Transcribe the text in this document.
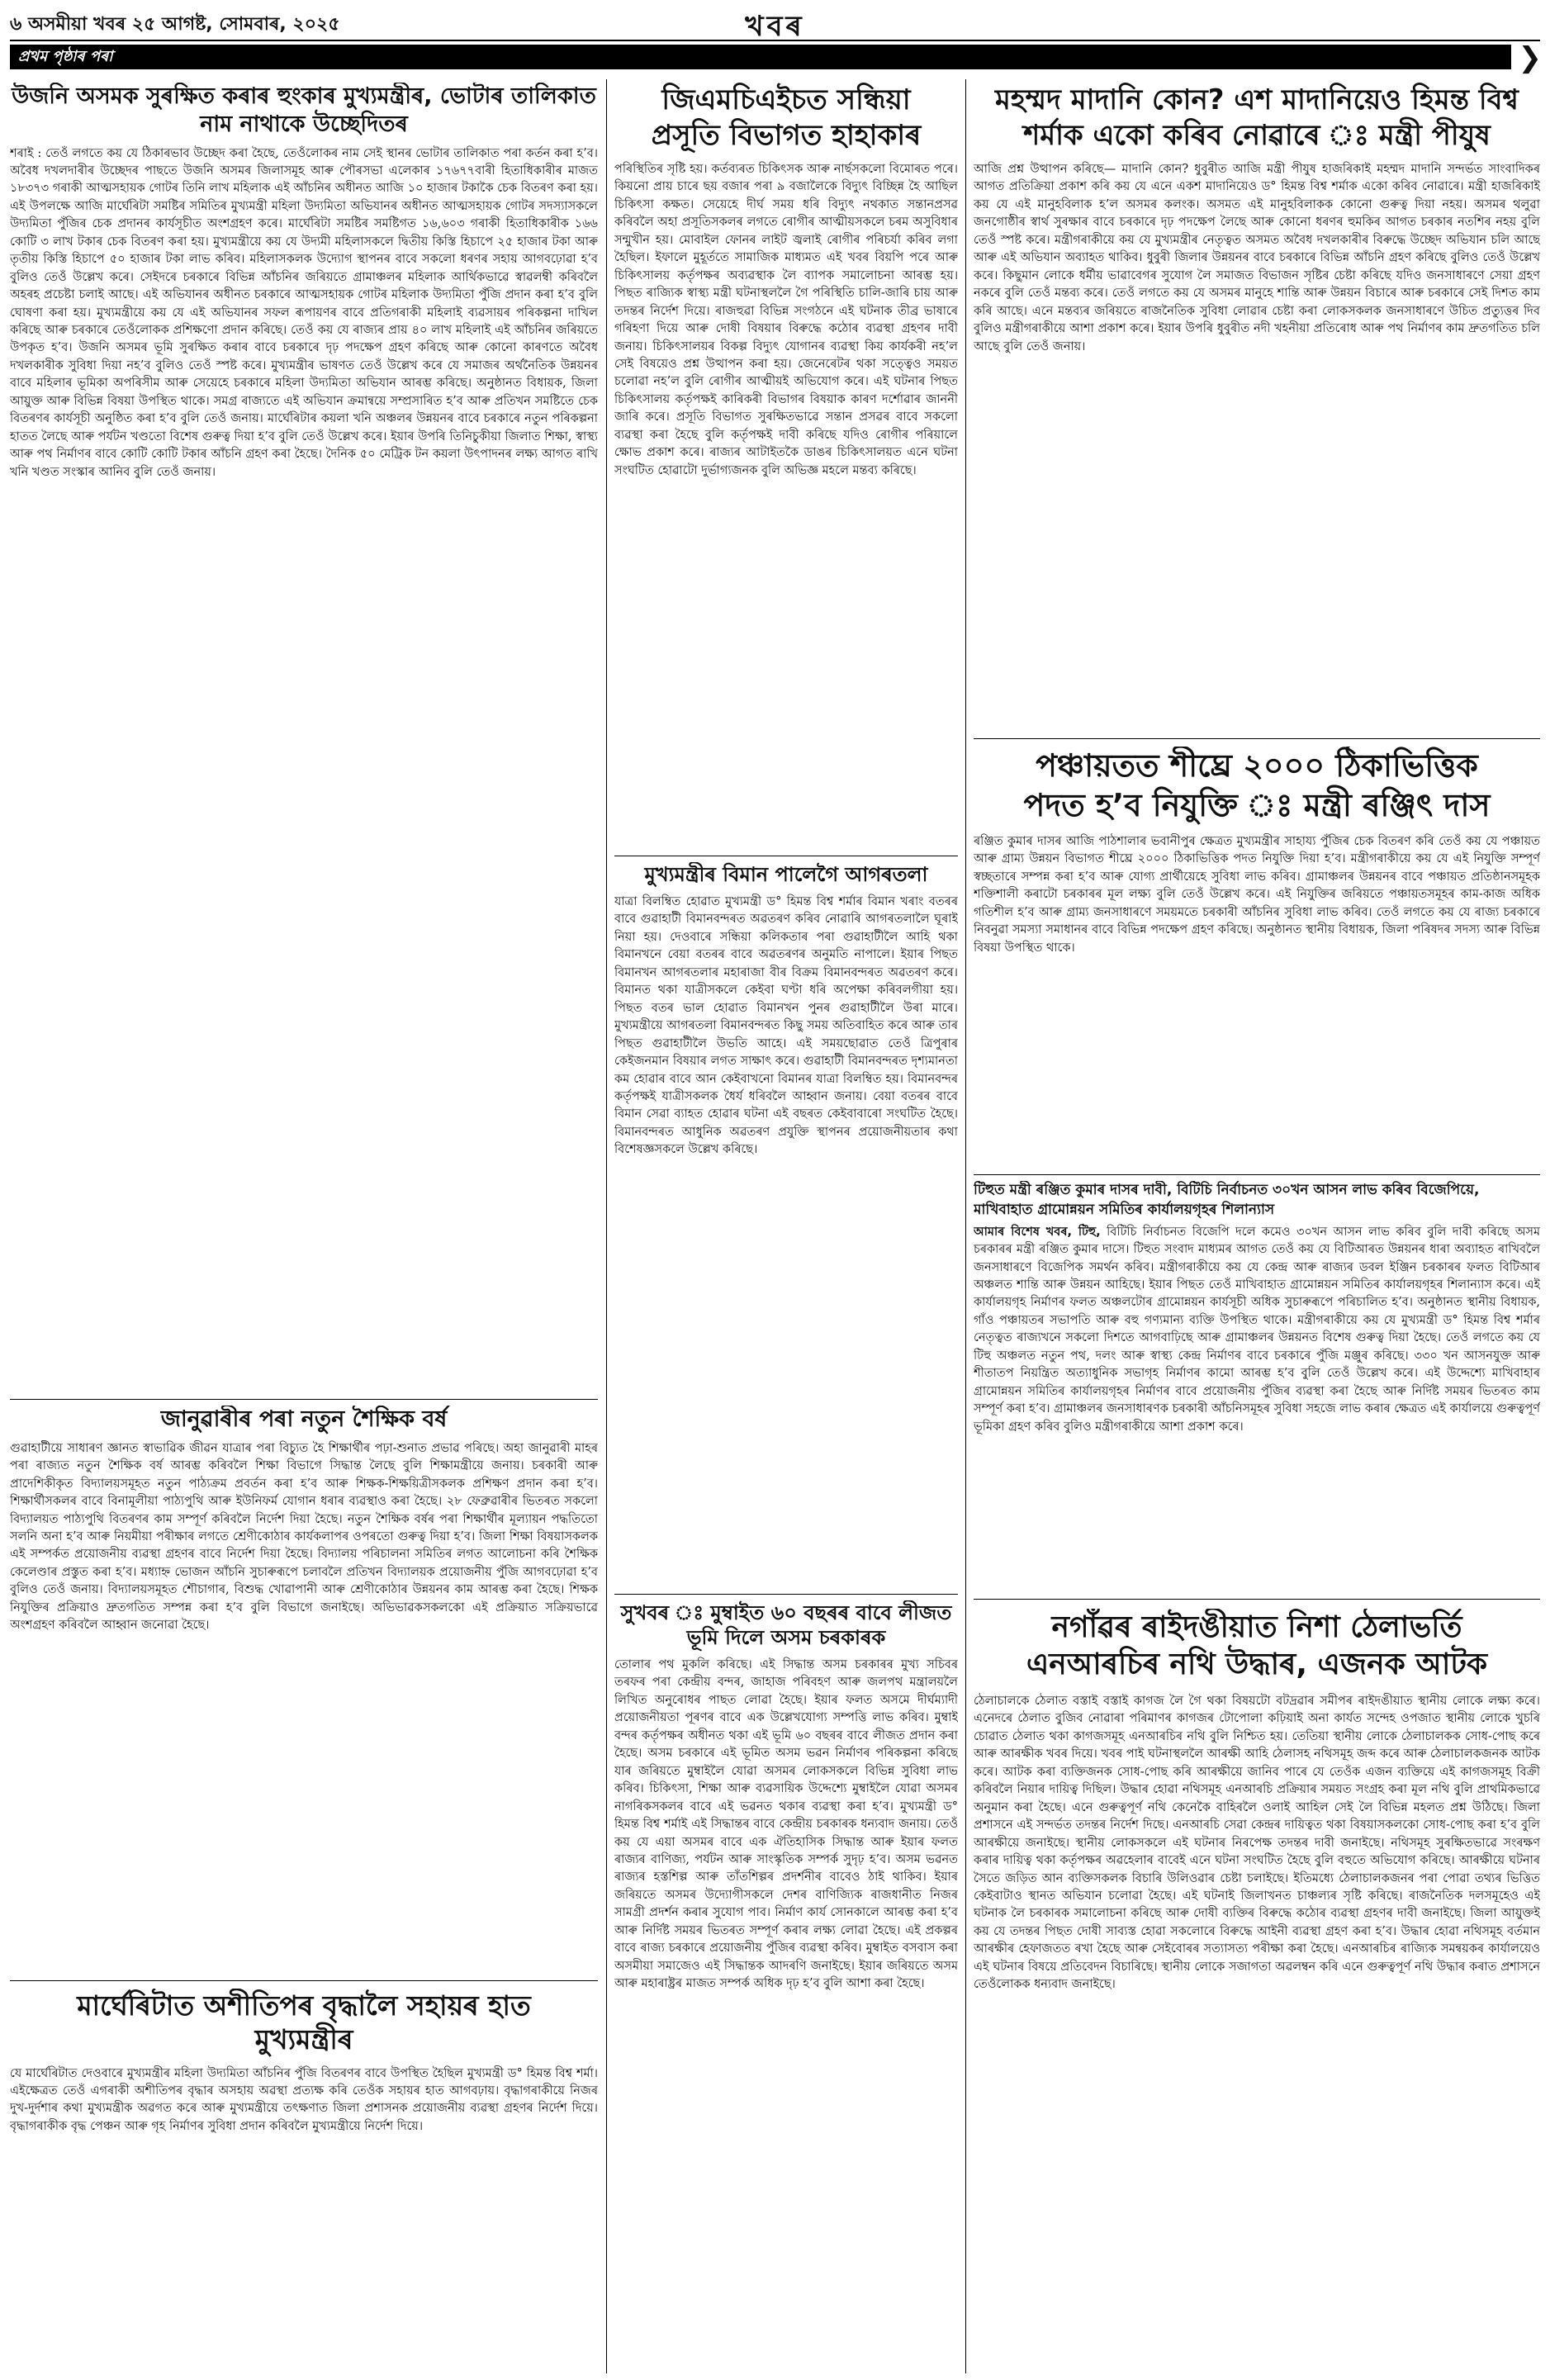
৬ অসমীয়া খবৰ ২৫ আগষ্ট, সোমবাৰ, ২০২৫	খবৰ
প্ৰথম পৃষ্ঠাৰ পৰা	❯
উজনি অসমক সুৰক্ষিত কৰাৰ হুংকাৰ মুখ্যমন্ত্ৰীৰ, ভোটাৰ তালিকাত নাম নাথাকে উচ্ছেদিতৰ

শৰাই : তেওঁ লগতে কয় যে ঠিকাৰভাব উচ্ছেদ কৰা হৈছে, তেওঁলোকৰ নাম সেই স্থানৰ ভোটাৰ তালিকাত পৰা কৰ্তন কৰা হ’ব। অবৈধ দখলদাৰীৰ উচ্ছেদৰ পাছতে উজনি অসমৰ জিলাসমূহ আৰু পৌৰসভা এলেকাৰ ১৭৬৭৭বাৰী হিতাধিকাৰীৰ মাজত ১৮৩৭৩ গৰাকী আত্মসহায়ক গোটৰ তিনি লাখ মহিলাক এই আঁচনিৰ অধীনত আজি ১০ হাজাৰ টকাকৈ চেক বিতৰণ কৰা হয়। এই উপলক্ষে আজি মাৰ্ঘেৰিটা সমষ্টিৰ সমিতিৰ মুখ্যমন্ত্ৰী মহিলা উদ্যমিতা অভিযানৰ অধীনত আত্মসহায়ক গোটৰ সদস্যাসকলে উদ্যমিতা পুঁজিৰ চেক প্ৰদানৰ কাৰ্যসূচীত অংশগ্ৰহণ কৰে। মাৰ্ঘেৰিটা সমষ্টিৰ সমষ্টিগত ১৬,৬০৩ গৰাকী হিতাধিকাৰীক ১৬৬ কোটি ৩ লাখ টকাৰ চেক বিতৰণ কৰা হয়। মুখ্যমন্ত্ৰীয়ে কয় যে উদ্যমী মহিলাসকলে দ্বিতীয় কিস্তি হিচাপে ২৫ হাজাৰ টকা আৰু তৃতীয় কিস্তি হিচাপে ৫০ হাজাৰ টকা লাভ কৰিব। মহিলাসকলক উদ্যোগ স্থাপনৰ বাবে সকলো ধৰণৰ সহায় আগবঢ়োৱা হ’ব বুলিও তেওঁ উল্লেখ কৰে। সেইদৰে চৰকাৰে বিভিন্ন আঁচনিৰ জৰিয়তে গ্ৰামাঞ্চলৰ মহিলাক আৰ্থিকভাৱে স্বাৱলম্বী কৰিবলৈ অহৰহ প্ৰচেষ্টা চলাই আছে। এই অভিযানৰ অধীনত চৰকাৰে আত্মসহায়ক গোটৰ মহিলাক উদ্যমিতা পুঁজি প্ৰদান কৰা হ’ব বুলি ঘোষণা কৰা হয়। মুখ্যমন্ত্ৰীয়ে কয় যে এই অভিযানৰ সফল ৰূপায়ণৰ বাবে প্ৰতিগৰাকী মহিলাই ব্যৱসায়ৰ পৰিকল্পনা দাখিল কৰিছে আৰু চৰকাৰে তেওঁলোকক প্ৰশিক্ষণো প্ৰদান কৰিছে। তেওঁ কয় যে ৰাজ্যৰ প্ৰায় ৪০ লাখ মহিলাই এই আঁচনিৰ জৰিয়তে উপকৃত হ’ব। উজনি অসমৰ ভূমি সুৰক্ষিত কৰাৰ বাবে চৰকাৰে দৃঢ় পদক্ষেপ গ্ৰহণ কৰিছে আৰু কোনো কাৰণতে অবৈধ দখলকাৰীক সুবিধা দিয়া নহ’ব বুলিও তেওঁ স্পষ্ট কৰে। মুখ্যমন্ত্ৰীৰ ভাষণত তেওঁ উল্লেখ কৰে যে সমাজৰ অৰ্থনৈতিক উন্নয়নৰ বাবে মহিলাৰ ভূমিকা অপৰিসীম আৰু সেয়েহে চৰকাৰে মহিলা উদ্যমিতা অভিযান আৰম্ভ কৰিছে। অনুষ্ঠানত বিধায়ক, জিলা আয়ুক্ত আৰু বিভিন্ন বিষয়া উপস্থিত থাকে। সমগ্ৰ ৰাজ্যতে এই অভিযান ক্ৰমান্বয়ে সম্প্ৰসাৰিত হ’ব আৰু প্ৰতিখন সমষ্টিতে চেক বিতৰণৰ কাৰ্যসূচী অনুষ্ঠিত কৰা হ’ব বুলি তেওঁ জনায়। মাৰ্ঘেৰিটাৰ কয়লা খনি অঞ্চলৰ উন্নয়নৰ বাবে চৰকাৰে নতুন পৰিকল্পনা হাতত লৈছে আৰু পৰ্যটন খণ্ডতো বিশেষ গুৰুত্ব দিয়া হ’ব বুলি তেওঁ উল্লেখ কৰে। ইয়াৰ উপৰি তিনিচুকীয়া জিলাত শিক্ষা, স্বাস্থ্য আৰু পথ নিৰ্মাণৰ বাবে কোটি কোটি টকাৰ আঁচনি গ্ৰহণ কৰা হৈছে। দৈনিক ৫০ মেট্ৰিক টন কয়লা উৎপাদনৰ লক্ষ্য আগত ৰাখি খনি খণ্ডত সংস্কাৰ আনিব বুলি তেওঁ জনায়।

জানুৱাৰীৰ পৰা নতুন শৈক্ষিক বৰ্ষ

গুৱাহাটীয়ে সাধাৰণ জ্ঞানত স্বাভাৱিক জীৱন যাত্ৰাৰ পৰা বিচ্যুত হৈ শিক্ষাৰ্থীৰ পঢ়া-শুনাত প্ৰভাৱ পৰিছে। অহা জানুৱাৰী মাহৰ পৰা ৰাজ্যত নতুন শৈক্ষিক বৰ্ষ আৰম্ভ কৰিবলৈ শিক্ষা বিভাগে সিদ্ধান্ত লৈছে বুলি শিক্ষামন্ত্ৰীয়ে জনায়। চৰকাৰী আৰু প্ৰাদেশিকীকৃত বিদ্যালয়সমূহত নতুন পাঠ্যক্ৰম প্ৰবৰ্তন কৰা হ’ব আৰু শিক্ষক-শিক্ষয়িত্ৰীসকলক প্ৰশিক্ষণ প্ৰদান কৰা হ’ব। শিক্ষাৰ্থীসকলৰ বাবে বিনামূলীয়া পাঠ্যপুথি আৰু ইউনিফৰ্ম যোগান ধৰাৰ ব্যৱস্থাও কৰা হৈছে। ২৮ ফেব্ৰুৱাৰীৰ ভিতৰত সকলো বিদ্যালয়ত পাঠ্যপুথি বিতৰণৰ কাম সম্পূৰ্ণ কৰিবলৈ নিৰ্দেশ দিয়া হৈছে। নতুন শৈক্ষিক বৰ্ষৰ পৰা শিক্ষাৰ্থীৰ মূল্যায়ন পদ্ধতিতো সলনি অনা হ’ব আৰু নিয়মীয়া পৰীক্ষাৰ লগতে শ্ৰেণীকোঠাৰ কাৰ্যকলাপৰ ওপৰতো গুৰুত্ব দিয়া হ’ব। জিলা শিক্ষা বিষয়াসকলক এই সম্পৰ্কত প্ৰয়োজনীয় ব্যৱস্থা গ্ৰহণৰ বাবে নিৰ্দেশ দিয়া হৈছে। বিদ্যালয় পৰিচালনা সমিতিৰ লগত আলোচনা কৰি শৈক্ষিক কেলেণ্ডাৰ প্ৰস্তুত কৰা হ’ব। মধ্যাহ্ন ভোজন আঁচনি সুচাৰুৰূপে চলাবলৈ প্ৰতিখন বিদ্যালয়ক প্ৰয়োজনীয় পুঁজি আগবঢ়োৱা হ’ব বুলিও তেওঁ জনায়। বিদ্যালয়সমূহত শৌচাগাৰ, বিশুদ্ধ খোৱাপানী আৰু শ্ৰেণীকোঠাৰ উন্নয়নৰ কাম আৰম্ভ কৰা হৈছে। শিক্ষক নিযুক্তিৰ প্ৰক্ৰিয়াও দ্ৰুতগতিত সম্পন্ন কৰা হ’ব বুলি বিভাগে জনাইছে। অভিভাৱকসকলকো এই প্ৰক্ৰিয়াত সক্ৰিয়ভাৱে অংশগ্ৰহণ কৰিবলৈ আহ্বান জনোৱা হৈছে।

মাৰ্ঘেৰিটাত অশীতিপৰ বৃদ্ধালৈ সহায়ৰ হাত মুখ্যমন্ত্ৰীৰ

যে মাৰ্ঘেৰিটাত দেওবাৰে মুখ্যমন্ত্ৰীৰ মহিলা উদ্যমিতা আঁচনিৰ পুঁজি বিতৰণৰ বাবে উপস্থিত হৈছিল মুখ্যমন্ত্ৰী ড° হিমন্ত বিশ্ব শৰ্মা। এইক্ষেত্ৰত তেওঁ এগৰাকী অশীতিপৰ বৃদ্ধাৰ অসহায় অৱস্থা প্ৰত্যক্ষ কৰি তেওঁক সহায়ৰ হাত আগবঢ়ায়। বৃদ্ধাগৰাকীয়ে নিজৰ দুখ-দুৰ্দশাৰ কথা মুখ্যমন্ত্ৰীক অৱগত কৰে আৰু মুখ্যমন্ত্ৰীয়ে তৎক্ষণাত জিলা প্ৰশাসনক প্ৰয়োজনীয় ব্যৱস্থা গ্ৰহণৰ নিৰ্দেশ দিয়ে। বৃদ্ধাগৰাকীক বৃদ্ধ পেঞ্চন আৰু গৃহ নিৰ্মাণৰ সুবিধা প্ৰদান কৰিবলৈ মুখ্যমন্ত্ৰীয়ে নিৰ্দেশ দিয়ে।

জিএমচিএইচত সন্ধিয়া প্ৰসূতি বিভাগত হাহাকাৰ

পৰিস্থিতিৰ সৃষ্টি হয়। কৰ্তব্যৰত চিকিৎসক আৰু নাৰ্ছসকলো বিমোৰত পৰে। কিয়নো প্ৰায় চাৰে ছয় বজাৰ পৰা ৯ বজালৈকে বিদ্যুৎ বিচ্ছিন্ন হৈ আছিল চিকিৎসা কক্ষত। সেয়েহে দীৰ্ঘ সময় ধৰি বিদ্যুৎ নথকাত সন্তানপ্ৰসৱ কৰিবলৈ অহা প্ৰসূতিসকলৰ লগতে ৰোগীৰ আত্মীয়সকলে চৰম অসুবিধাৰ সন্মুখীন হয়। মোবাইল ফোনৰ লাইট জ্বলাই ৰোগীৰ পৰিচৰ্যা কৰিব লগা হৈছিল। ইফালে মুহূৰ্ততে সামাজিক মাধ্যমত এই খবৰ বিয়পি পৰে আৰু চিকিৎসালয় কৰ্তৃপক্ষৰ অব্যৱস্থাক লৈ ব্যাপক সমালোচনা আৰম্ভ হয়। পিছত ৰাজ্যিক স্বাস্থ্য মন্ত্ৰী ঘটনাস্থললৈ গৈ পৰিস্থিতি চালি-জাৰি চায় আৰু তদন্তৰ নিৰ্দেশ দিয়ে। ৰাজহুৱা বিভিন্ন সংগঠনে এই ঘটনাক তীব্ৰ ভাষাৰে গৰিহণা দিয়ে আৰু দোষী বিষয়াৰ বিৰুদ্ধে কঠোৰ ব্যৱস্থা গ্ৰহণৰ দাবী জনায়। চিকিৎসালয়ৰ বিকল্প বিদ্যুৎ যোগানৰ ব্যৱস্থা কিয় কাৰ্যকৰী নহ’ল সেই বিষয়েও প্ৰশ্ন উত্থাপন কৰা হয়। জেনেৰেটৰ থকা সত্ত্বেও সময়ত চলোৱা নহ’ল বুলি ৰোগীৰ আত্মীয়ই অভিযোগ কৰে। এই ঘটনাৰ পিছত চিকিৎসালয় কৰ্তৃপক্ষই কাৰিকৰী বিভাগৰ বিষয়াক কাৰণ দৰ্শোৱাৰ জাননী জাৰি কৰে। প্ৰসূতি বিভাগত সুৰক্ষিতভাৱে সন্তান প্ৰসৱৰ বাবে সকলো ব্যৱস্থা কৰা হৈছে বুলি কৰ্তৃপক্ষই দাবী কৰিছে যদিও ৰোগীৰ পৰিয়ালে ক্ষোভ প্ৰকাশ কৰে। ৰাজ্যৰ আটাইতকৈ ডাঙৰ চিকিৎসালয়ত এনে ঘটনা সংঘটিত হোৱাটো দুৰ্ভাগ্যজনক বুলি অভিজ্ঞ মহলে মন্তব্য কৰিছে।

মুখ্যমন্ত্ৰীৰ বিমান পালেগৈ আগৰতলা

যাত্ৰা বিলম্বিত হোৱাত মুখ্যমন্ত্ৰী ড° হিমন্ত বিশ্ব শৰ্মাৰ বিমান খৰাং বতৰৰ বাবে গুৱাহাটী বিমানবন্দৰত অৱতৰণ কৰিব নোৱাৰি আগৰতলালৈ ঘূৰাই নিয়া হয়। দেওবাৰে সন্ধিয়া কলিকতাৰ পৰা গুৱাহাটীলৈ আহি থকা বিমানখনে বেয়া বতৰৰ বাবে অৱতৰণৰ অনুমতি নাপালে। ইয়াৰ পিছত বিমানখন আগৰতলাৰ মহাৰাজা বীৰ বিক্ৰম বিমানবন্দৰত অৱতৰণ কৰে। বিমানত থকা যাত্ৰীসকলে কেইবা ঘণ্টা ধৰি অপেক্ষা কৰিবলগীয়া হয়। পিছত বতৰ ভাল হোৱাত বিমানখন পুনৰ গুৱাহাটীলৈ উৰা মাৰে। মুখ্যমন্ত্ৰীয়ে আগৰতলা বিমানবন্দৰত কিছু সময় অতিবাহিত কৰে আৰু তাৰ পিছত গুৱাহাটীলৈ উভতি আহে। এই সময়ছোৱাত তেওঁ ত্ৰিপুৰাৰ কেইজনমান বিষয়াৰ লগত সাক্ষাৎ কৰে। গুৱাহাটী বিমানবন্দৰত দৃশ্যমানতা কম হোৱাৰ বাবে আন কেইবাখনো বিমানৰ যাত্ৰা বিলম্বিত হয়। বিমানবন্দৰ কৰ্তৃপক্ষই যাত্ৰীসকলক ধৈৰ্য ধৰিবলৈ আহ্বান জনায়। বেয়া বতৰৰ বাবে বিমান সেৱা ব্যাহত হোৱাৰ ঘটনা এই বছৰত কেইবাবাৰো সংঘটিত হৈছে। বিমানবন্দৰত আধুনিক অৱতৰণ প্ৰযুক্তি স্থাপনৰ প্ৰয়োজনীয়তাৰ কথা বিশেষজ্ঞসকলে উল্লেখ কৰিছে।

সুখবৰ ঃ মুম্বাইত ৬০ বছৰৰ বাবে লীজত ভূমি দিলে অসম চৰকাৰক

তোলাৰ পথ মুকলি কৰিছে। এই সিদ্ধান্ত অসম চৰকাৰৰ মুখ্য সচিবৰ তৰফৰ পৰা কেন্দ্ৰীয় বন্দৰ, জাহাজ পৰিবহণ আৰু জলপথ মন্ত্ৰালয়লৈ লিখিত অনুৰোধৰ পাছত লোৱা হৈছে। ইয়াৰ ফলত অসমে দীৰ্ঘম্যাদী প্ৰয়োজনীয়তা পূৰণৰ বাবে এক উল্লেখযোগ্য সম্পত্তি লাভ কৰিব। মুম্বাই বন্দৰ কৰ্তৃপক্ষৰ অধীনত থকা এই ভূমি ৬০ বছৰৰ বাবে লীজত প্ৰদান কৰা হৈছে। অসম চৰকাৰে এই ভূমিত অসম ভৱন নিৰ্মাণৰ পৰিকল্পনা কৰিছে যাৰ জৰিয়তে মুম্বাইলৈ যোৱা অসমৰ লোকসকলে বিভিন্ন সুবিধা লাভ কৰিব। চিকিৎসা, শিক্ষা আৰু ব্যৱসায়িক উদ্দেশ্যে মুম্বাইলৈ যোৱা অসমৰ নাগৰিকসকলৰ বাবে এই ভৱনত থকাৰ ব্যৱস্থা কৰা হ’ব। মুখ্যমন্ত্ৰী ড° হিমন্ত বিশ্ব শৰ্মাই এই সিদ্ধান্তৰ বাবে কেন্দ্ৰীয় চৰকাৰক ধন্যবাদ জনায়। তেওঁ কয় যে এয়া অসমৰ বাবে এক ঐতিহাসিক সিদ্ধান্ত আৰু ইয়াৰ ফলত ৰাজ্যৰ বাণিজ্য, পৰ্যটন আৰু সাংস্কৃতিক সম্পৰ্ক সুদৃঢ় হ’ব। অসম ভৱনত ৰাজ্যৰ হস্তশিল্প আৰু তাঁতশিল্পৰ প্ৰদৰ্শনীৰ বাবেও ঠাই থাকিব। ইয়াৰ জৰিয়তে অসমৰ উদ্যোগীসকলে দেশৰ বাণিজ্যিক ৰাজধানীত নিজৰ সামগ্ৰী প্ৰদৰ্শন কৰাৰ সুযোগ পাব। নিৰ্মাণ কাৰ্য সোনকালে আৰম্ভ কৰা হ’ব আৰু নিৰ্দিষ্ট সময়ৰ ভিতৰত সম্পূৰ্ণ কৰাৰ লক্ষ্য লোৱা হৈছে। এই প্ৰকল্পৰ বাবে ৰাজ্য চৰকাৰে প্ৰয়োজনীয় পুঁজিৰ ব্যৱস্থা কৰিব। মুম্বাইত বসবাস কৰা অসমীয়া সমাজেও এই সিদ্ধান্তক আদৰণি জনাইছে। ইয়াৰ জৰিয়তে অসম আৰু মহাৰাষ্ট্ৰৰ মাজত সম্পৰ্ক অধিক দৃঢ় হ’ব বুলি আশা কৰা হৈছে।

মহম্মদ মাদানি কোন? এশ মাদানিয়েও হিমন্ত বিশ্ব শৰ্মাক একো কৰিব নোৱাৰে ঃ মন্ত্ৰী পীযুষ

আজি প্ৰশ্ন উত্থাপন কৰিছে— মাদানি কোন? ধুবুৰীত আজি মন্ত্ৰী পীযুষ হাজৰিকাই মহম্মদ মাদানি সন্দৰ্ভত সাংবাদিকৰ আগত প্ৰতিক্ৰিয়া প্ৰকাশ কৰি কয় যে এনে একশ মাদানিয়েও ড° হিমন্ত বিশ্ব শৰ্মাক একো কৰিব নোৱাৰে। মন্ত্ৰী হাজৰিকাই কয় যে এই মানুহবিলাক হ’ল অসমৰ কলংক। অসমত এই মানুহবিলাকক কোনো গুৰুত্ব দিয়া নহয়। অসমৰ থলুৱা জনগোষ্ঠীৰ স্বাৰ্থ সুৰক্ষাৰ বাবে চৰকাৰে দৃঢ় পদক্ষেপ লৈছে আৰু কোনো ধৰণৰ হুমকিৰ আগত চৰকাৰ নতশিৰ নহয় বুলি তেওঁ স্পষ্ট কৰে। মন্ত্ৰীগৰাকীয়ে কয় যে মুখ্যমন্ত্ৰীৰ নেতৃত্বত অসমত অবৈধ দখলকাৰীৰ বিৰুদ্ধে উচ্ছেদ অভিযান চলি আছে আৰু এই অভিযান অব্যাহত থাকিব। ধুবুৰী জিলাৰ উন্নয়নৰ বাবে চৰকাৰে বিভিন্ন আঁচনি গ্ৰহণ কৰিছে বুলিও তেওঁ উল্লেখ কৰে। কিছুমান লোকে ধৰ্মীয় ভাৱাবেগৰ সুযোগ লৈ সমাজত বিভাজন সৃষ্টিৰ চেষ্টা কৰিছে যদিও জনসাধাৰণে সেয়া গ্ৰহণ নকৰে বুলি তেওঁ মন্তব্য কৰে। তেওঁ লগতে কয় যে অসমৰ মানুহে শান্তি আৰু উন্নয়ন বিচাৰে আৰু চৰকাৰে সেই দিশত কাম কৰি আছে। এনে মন্তব্যৰ জৰিয়তে ৰাজনৈতিক সুবিধা লোৱাৰ চেষ্টা কৰা লোকসকলক জনসাধাৰণে উচিত প্ৰত্যুত্তৰ দিব বুলিও মন্ত্ৰীগৰাকীয়ে আশা প্ৰকাশ কৰে। ইয়াৰ উপৰি ধুবুৰীত নদী খহনীয়া প্ৰতিৰোধ আৰু পথ নিৰ্মাণৰ কাম দ্ৰুতগতিত চলি আছে বুলি তেওঁ জনায়।

পঞ্চায়তত শীঘ্ৰে ২০০০ ঠিকাভিত্তিক পদত হ’ব নিযুক্তি ঃ মন্ত্ৰী ৰঞ্জিৎ দাস

ৰঞ্জিত কুমাৰ দাসৰ আজি পাঠশালাৰ ভবানীপুৰ ক্ষেত্ৰত মুখ্যমন্ত্ৰীৰ সাহায্য পুঁজিৰ চেক বিতৰণ কৰি তেওঁ কয় যে পঞ্চায়ত আৰু গ্ৰাম্য উন্নয়ন বিভাগত শীঘ্ৰে ২০০০ ঠিকাভিত্তিক পদত নিযুক্তি দিয়া হ’ব। মন্ত্ৰীগৰাকীয়ে কয় যে এই নিযুক্তি সম্পূৰ্ণ স্বচ্ছতাৰে সম্পন্ন কৰা হ’ব আৰু যোগ্য প্ৰাৰ্থীয়েহে সুবিধা লাভ কৰিব। গ্ৰামাঞ্চলৰ উন্নয়নৰ বাবে পঞ্চায়ত প্ৰতিষ্ঠানসমূহক শক্তিশালী কৰাটো চৰকাৰৰ মূল লক্ষ্য বুলি তেওঁ উল্লেখ কৰে। এই নিযুক্তিৰ জৰিয়তে পঞ্চায়তসমূহৰ কাম-কাজ অধিক গতিশীল হ’ব আৰু গ্ৰাম্য জনসাধাৰণে সময়মতে চৰকাৰী আঁচনিৰ সুবিধা লাভ কৰিব। তেওঁ লগতে কয় যে ৰাজ্য চৰকাৰে নিবনুৱা সমস্যা সমাধানৰ বাবে বিভিন্ন পদক্ষেপ গ্ৰহণ কৰিছে। অনুষ্ঠানত স্থানীয় বিধায়ক, জিলা পৰিষদৰ সদস্য আৰু বিভিন্ন বিষয়া উপস্থিত থাকে।

টিহুত মন্ত্ৰী ৰঞ্জিত কুমাৰ দাসৰ দাবী, বিটিচি নিৰ্বাচনত ৩০খন আসন লাভ কৰিব বিজেপিয়ে, মাখিবাহাত গ্ৰামোন্নয়ন সমিতিৰ কাৰ্যালয়গৃহৰ শিলান্যাস

আমাৰ বিশেষ খবৰ, টিহু, বিটিচি নিৰ্বাচনত বিজেপি দলে কমেও ৩০খন আসন লাভ কৰিব বুলি দাবী কৰিছে অসম চৰকাৰৰ মন্ত্ৰী ৰঞ্জিত কুমাৰ দাসে। টিহুত সংবাদ মাধ্যমৰ আগত তেওঁ কয় যে বিটিআৰত উন্নয়নৰ ধাৰা অব্যাহত ৰাখিবলৈ জনসাধাৰণে বিজেপিক সমৰ্থন কৰিব। মন্ত্ৰীগৰাকীয়ে কয় যে কেন্দ্ৰ আৰু ৰাজ্যৰ ডবল ইঞ্জিন চৰকাৰৰ ফলত বিটিআৰ অঞ্চলত শান্তি আৰু উন্নয়ন আহিছে। ইয়াৰ পিছত তেওঁ মাখিবাহাত গ্ৰামোন্নয়ন সমিতিৰ কাৰ্যালয়গৃহৰ শিলান্যাস কৰে। এই কাৰ্যালয়গৃহ নিৰ্মাণৰ ফলত অঞ্চলটোৰ গ্ৰামোন্নয়ন কাৰ্যসূচী অধিক সুচাৰুৰূপে পৰিচালিত হ’ব। অনুষ্ঠানত স্থানীয় বিধায়ক, গাঁও পঞ্চায়তৰ সভাপতি আৰু বহু গণ্যমান্য ব্যক্তি উপস্থিত থাকে। মন্ত্ৰীগৰাকীয়ে কয় যে মুখ্যমন্ত্ৰী ড° হিমন্ত বিশ্ব শৰ্মাৰ নেতৃত্বত ৰাজ্যখনে সকলো দিশতে আগবাঢ়িছে আৰু গ্ৰামাঞ্চলৰ উন্নয়নত বিশেষ গুৰুত্ব দিয়া হৈছে। তেওঁ লগতে কয় যে টিহু অঞ্চলত নতুন পথ, দলং আৰু স্বাস্থ্য কেন্দ্ৰ নিৰ্মাণৰ বাবে চৰকাৰে পুঁজি মঞ্জুৰ কৰিছে। ৩৩০ খন আসনযুক্ত আৰু শীতাতপ নিয়ন্ত্ৰিত অত্যাধুনিক সভাগৃহ নিৰ্মাণৰ কামো আৰম্ভ হ’ব বুলি তেওঁ উল্লেখ কৰে। এই উদ্দেশ্যে মাখিবাহাৰ গ্ৰামোন্নয়ন সমিতিৰ কাৰ্যালয়গৃহৰ নিৰ্মাণৰ বাবে প্ৰয়োজনীয় পুঁজিৰ ব্যৱস্থা কৰা হৈছে আৰু নিৰ্দিষ্ট সময়ৰ ভিতৰত কাম সম্পূৰ্ণ কৰা হ’ব। গ্ৰামাঞ্চলৰ জনসাধাৰণক চৰকাৰী আঁচনিসমূহৰ সুবিধা সহজে লাভ কৰাৰ ক্ষেত্ৰত এই কাৰ্যালয়ে গুৰুত্বপূৰ্ণ ভূমিকা গ্ৰহণ কৰিব বুলিও মন্ত্ৰীগৰাকীয়ে আশা প্ৰকাশ কৰে।

নগাঁৱৰ ৰাইদঙীয়াত নিশা ঠেলাভৰ্তি এনআৰচিৰ নথি উদ্ধাৰ, এজনক আটক

ঠেলাচালকে ঠেলাত বস্তাই বস্তাই কাগজ লৈ গৈ থকা বিষয়টো বটদ্ৰৱাৰ সমীপৰ ৰাইদঙীয়াত স্থানীয় লোকে লক্ষ্য কৰে। এনেদৰে ঠেলাত বুজিব নোৱাৰা পৰিমাণৰ কাগজৰ টোপোলা কঢ়িয়াই অনা কাৰ্যত সন্দেহ ওপজাত স্থানীয় লোকে খুচৰি চোৱাত ঠেলাত থকা কাগজসমূহ এনআৰচিৰ নথি বুলি নিশ্চিত হয়। তেতিয়া স্থানীয় লোকে ঠেলাচালকক সোধ-পোছ কৰে আৰু আৰক্ষীক খবৰ দিয়ে। খবৰ পাই ঘটনাস্থললৈ আৰক্ষী আহি ঠেলাসহ নথিসমূহ জব্দ কৰে আৰু ঠেলাচালকজনক আটক কৰে। আটক কৰা ব্যক্তিজনক সোধ-পোছ কৰি আৰক্ষীয়ে জানিব পাৰে যে তেওঁক এজন ব্যক্তিয়ে এই কাগজসমূহ বিক্ৰী কৰিবলৈ নিয়াৰ দায়িত্ব দিছিল। উদ্ধাৰ হোৱা নথিসমূহ এনআৰচি প্ৰক্ৰিয়াৰ সময়ত সংগ্ৰহ কৰা মূল নথি বুলি প্ৰাথমিকভাৱে অনুমান কৰা হৈছে। এনে গুৰুত্বপূৰ্ণ নথি কেনেকৈ বাহিৰলৈ ওলাই আহিল সেই লৈ বিভিন্ন মহলত প্ৰশ্ন উঠিছে। জিলা প্ৰশাসনে এই সন্দৰ্ভত তদন্তৰ নিৰ্দেশ দিছে। এনআৰচি সেৱা কেন্দ্ৰৰ দায়িত্বত থকা বিষয়াসকলকো সোধ-পোছ কৰা হ’ব বুলি আৰক্ষীয়ে জনাইছে। স্থানীয় লোকসকলে এই ঘটনাৰ নিৰপেক্ষ তদন্তৰ দাবী জনাইছে। নথিসমূহ সুৰক্ষিতভাৱে সংৰক্ষণ কৰাৰ দায়িত্ব থকা কৰ্তৃপক্ষৰ অৱহেলাৰ বাবেই এনে ঘটনা সংঘটিত হৈছে বুলি বহুতে অভিযোগ কৰিছে। আৰক্ষীয়ে ঘটনাৰ সৈতে জড়িত আন ব্যক্তিসকলক বিচাৰি উলিওৱাৰ চেষ্টা চলাইছে। ইতিমধ্যে ঠেলাচালকজনৰ পৰা পোৱা তথ্যৰ ভিত্তিত কেইবাটাও স্থানত অভিযান চলোৱা হৈছে। এই ঘটনাই জিলাখনত চাঞ্চল্যৰ সৃষ্টি কৰিছে। ৰাজনৈতিক দলসমূহেও এই ঘটনাক লৈ চৰকাৰক সমালোচনা কৰিছে আৰু দোষী ব্যক্তিৰ বিৰুদ্ধে কঠোৰ ব্যৱস্থা গ্ৰহণৰ দাবী জনাইছে। জিলা আয়ুক্তই কয় যে তদন্তৰ পিছত দোষী সাব্যস্ত হোৱা সকলোৰে বিৰুদ্ধে আইনী ব্যৱস্থা গ্ৰহণ কৰা হ’ব। উদ্ধাৰ হোৱা নথিসমূহ বৰ্তমান আৰক্ষীৰ হেফাজতত ৰখা হৈছে আৰু সেইবোৰৰ সত্যাসত্য পৰীক্ষা কৰা হৈছে। এনআৰচিৰ ৰাজ্যিক সমন্বয়কৰ কাৰ্যালয়েও এই ঘটনাৰ বিষয়ে প্ৰতিবেদন বিচাৰিছে। স্থানীয় লোকে সজাগতা অৱলম্বন কৰি এনে গুৰুত্বপূৰ্ণ নথি উদ্ধাৰ কৰাত প্ৰশাসনে তেওঁলোকক ধন্যবাদ জনাইছে।
